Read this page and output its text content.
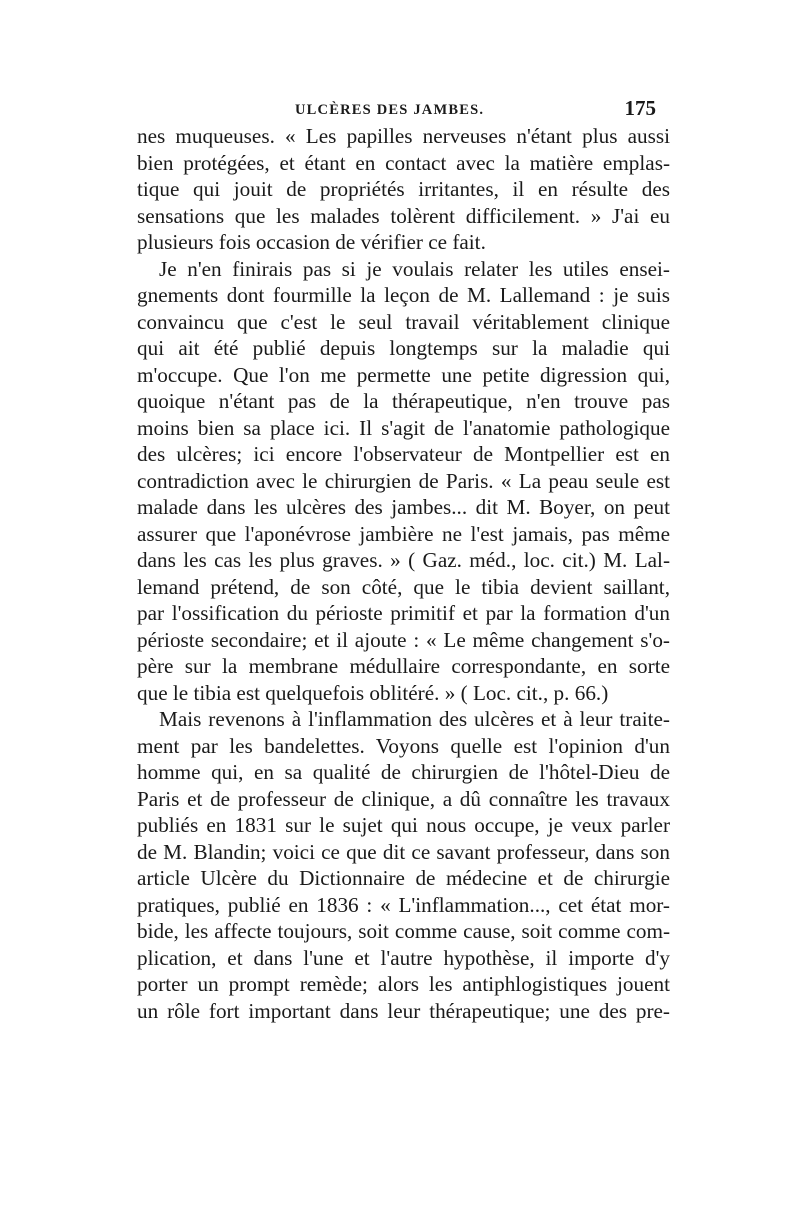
ULCÈRES DES JAMBES.	175

nes muqueuses. « Les papilles nerveuses n'étant plus aussi
bien protégées, et étant en contact avec la matière emplas-
tique qui jouit de propriétés irritantes, il en résulte des
sensations que les malades tolèrent difficilement. » J'ai eu
plusieurs fois occasion de vérifier ce fait.

Je n'en finirais pas si je voulais relater les utiles ensei-
gnements dont fourmille la leçon de M. Lallemand : je suis
convaincu que c'est le seul travail véritablement clinique
qui ait été publié depuis longtemps sur la maladie qui
m'occupe. Que l'on me permette une petite digression qui,
quoique n'étant pas de la thérapeutique, n'en trouve pas
moins bien sa place ici. Il s'agit de l'anatomie pathologique
des ulcères; ici encore l'observateur de Montpellier est en
contradiction avec le chirurgien de Paris. « La peau seule est
malade dans les ulcères des jambes... dit M. Boyer, on peut
assurer que l'aponévrose jambière ne l'est jamais, pas même
dans les cas les plus graves. » ( Gaz. méd., loc. cit.) M. Lal-
lemand prétend, de son côté, que le tibia devient saillant,
par l'ossification du périoste primitif et par la formation d'un
périoste secondaire; et il ajoute : « Le même changement s'o-
père sur la membrane médullaire correspondante, en sorte
que le tibia est quelquefois oblitéré. » ( Loc. cit., p. 66.)

Mais revenons à l'inflammation des ulcères et à leur traite-
ment par les bandelettes. Voyons quelle est l'opinion d'un
homme qui, en sa qualité de chirurgien de l'hôtel-Dieu de
Paris et de professeur de clinique, a dû connaître les travaux
publiés en 1831 sur le sujet qui nous occupe, je veux parler
de M. Blandin; voici ce que dit ce savant professeur, dans son
article Ulcère du Dictionnaire de médecine et de chirurgie
pratiques, publié en 1836 : « L'inflammation..., cet état mor-
bide, les affecte toujours, soit comme cause, soit comme com-
plication, et dans l'une et l'autre hypothèse, il importe d'y
porter un prompt remède; alors les antiphlogistiques jouent
un rôle fort important dans leur thérapeutique; une des pre-
